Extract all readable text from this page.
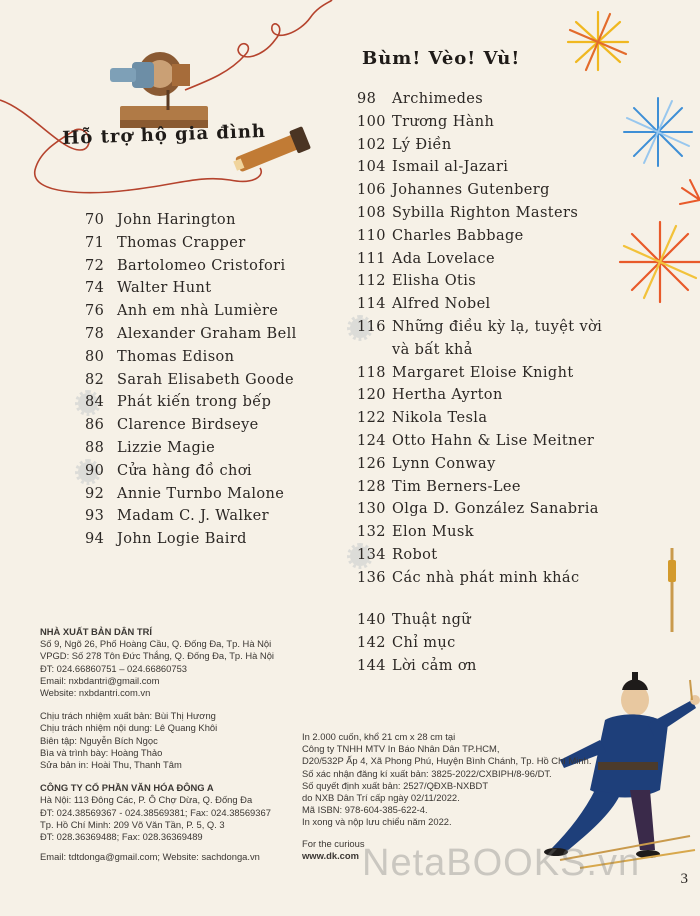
Hỗ trợ hộ gia đình
Bùm! Vèo! Vù!
70 John Harington
71 Thomas Crapper
72 Bartolomeo Cristofori
74 Walter Hunt
76 Anh em nhà Lumière
78 Alexander Graham Bell
80 Thomas Edison
82 Sarah Elisabeth Goode
84 Phát kiến trong bếp
86 Clarence Birdseye
88 Lizzie Magie
90 Cửa hàng đồ chơi
92 Annie Turnbo Malone
93 Madam C. J. Walker
94 John Logie Baird
98	Archimedes
100 Trương Hành
102 Lý Điền
104 Ismail al-Jazari
106 Johannes Gutenberg
108 Sybilla Righton Masters
110 Charles Babbage
111 Ada Lovelace
112 Elisha Otis
114 Alfred Nobel
116 Những điều kỳ lạ, tuyệt vời
và bất khả
118 Margaret Eloise Knight
120 Hertha Ayrton
122 Nikola Tesla
124 Otto Hahn & Lise Meitner
126 Lynn Conway
128 Tim Berners-Lee
130 Olga D. González Sanabria
132 Elon Musk
134 Robot
136 Các nhà phát minh khác
140 Thuật ngữ
142 Chỉ mục
144 Lời cảm ơn

NHÀ XUẤT BẢN DÂN TRÍ

Số 9, Ngõ 26, Phố Hoàng Cầu, Q. Đống Đa, Tp. Hà Nội

VPGD: Số 278 Tôn Đức Thắng, Q. Đống Đa, Tp. Hà Nội

ĐT: 024.66860751 – 024.66860753

Email: nxbdantri@gmail.com

Website: nxbdantri.com.vn

Chịu trách nhiệm xuất bản: Bùi Thị Hương

Chịu trách nhiệm nội dung: Lê Quang Khôi

Biên tập: Nguyễn Bích Ngọc

Bìa và trình bày: Hoàng Thảo

Sửa bản in: Hoài Thu, Thanh Tâm

CÔNG TY CỔ PHẦN VĂN HÓA ĐÔNG A

Hà Nội: 113 Đông Các, P. Ô Chợ Dừa, Q. Đống Đa

ĐT: 024.38569367 - 024.38569381; Fax: 024.38569367

Tp. Hồ Chí Minh: 209 Võ Văn Tần, P. 5, Q. 3

ĐT: 028.36369488; Fax: 028.36369489

Email: tdtdonga@gmail.com; Website: sachdonga.vn

In 2.000 cuốn, khổ 21 cm x 28 cm tại

Công ty TNHH MTV In Báo Nhân Dân TP.HCM,

D20/532P Ấp 4, Xã Phong Phú, Huyện Bình Chánh, Tp. Hồ Chí Minh.

Số xác nhận đăng kí xuất bản: 3825-2022/CXBIPH/8-96/DT.

Số quyết định xuất bản: 2527/QĐXB-NXBDT

do NXB Dân Trí cấp ngày 02/11/2022.

Mã ISBN: 978-604-385-622-4.

In xong và nộp lưu chiểu năm 2022.

For the curious

www.dk.com NetaBOOKS.vn	3
